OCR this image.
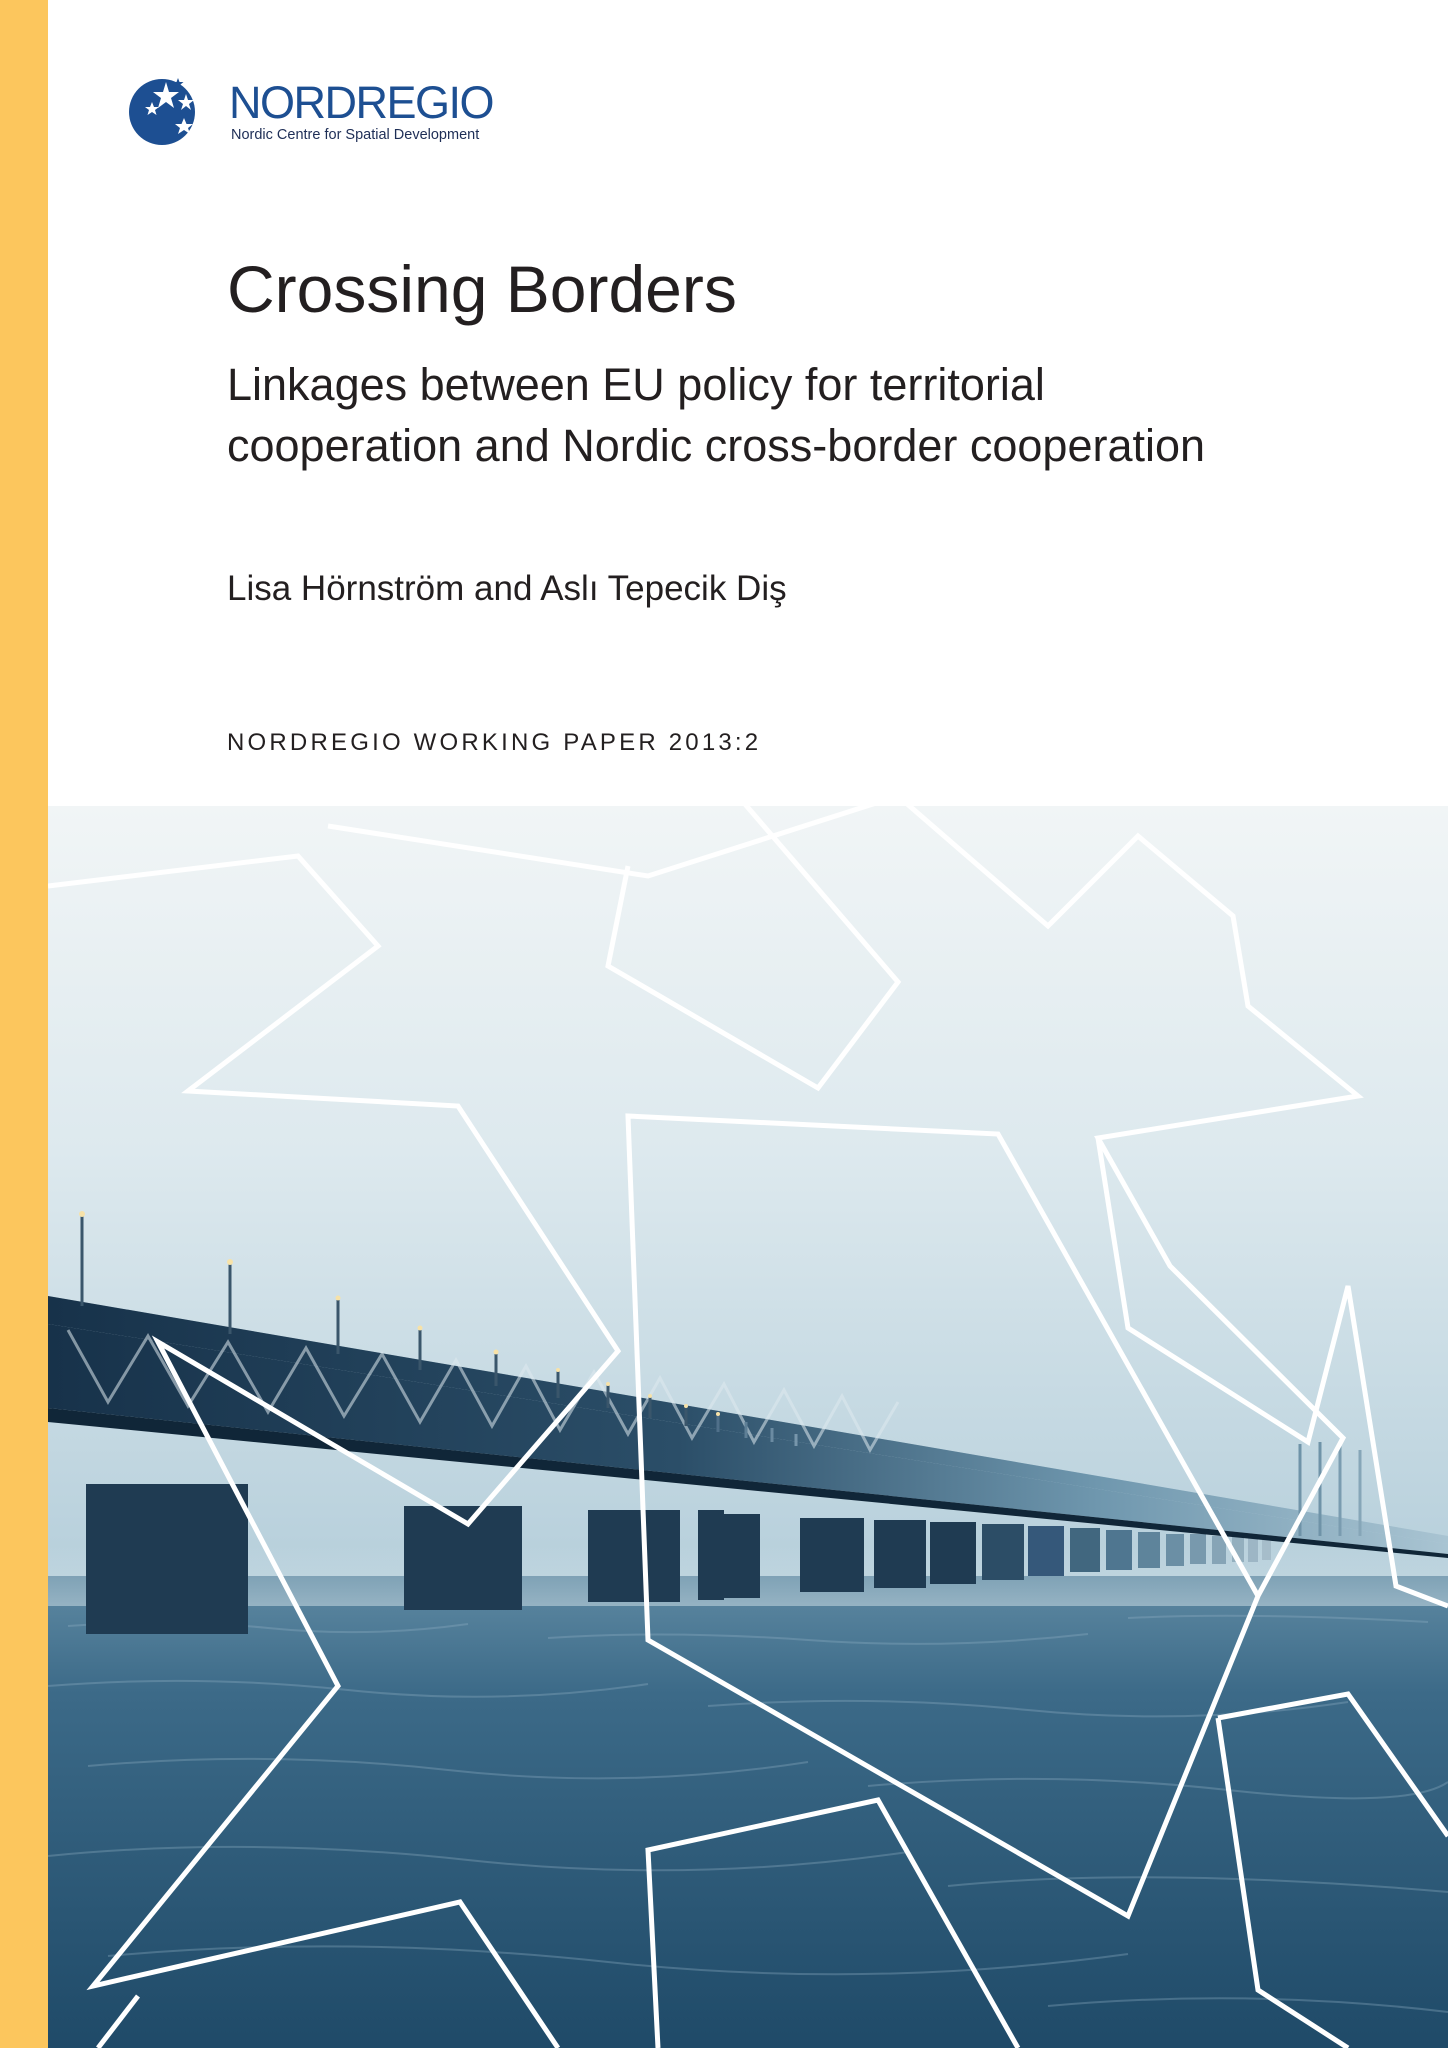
NORDREGIO
Nordic Centre for Spatial Development
Crossing Borders
Linkages between EU policy for territorial
cooperation and Nordic cross-border cooperation

Lisa Hörnström and Aslı Tepecik Diş

NORDREGIO WORKING PAPER 2013:2
